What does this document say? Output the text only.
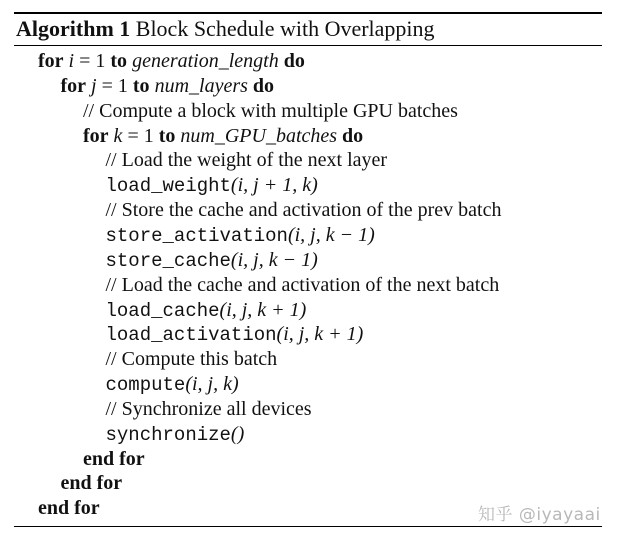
Algorithm 1 Block Schedule with Overlapping
for i = 1 to generation_length do
for j = 1 to num_layers do
// Compute a block with multiple GPU batches
for k = 1 to num_GPU_batches do
// Load the weight of the next layer
load_weight(i, j + 1, k)
// Store the cache and activation of the prev batch
store_activation(i, j, k − 1)
store_cache(i, j, k − 1)
// Load the cache and activation of the next batch
load_cache(i, j, k + 1)
load_activation(i, j, k + 1)
// Compute this batch
compute(i, j, k)
// Synchronize all devices
synchronize()
end for
end for
end for	知乎 @iyayaai
